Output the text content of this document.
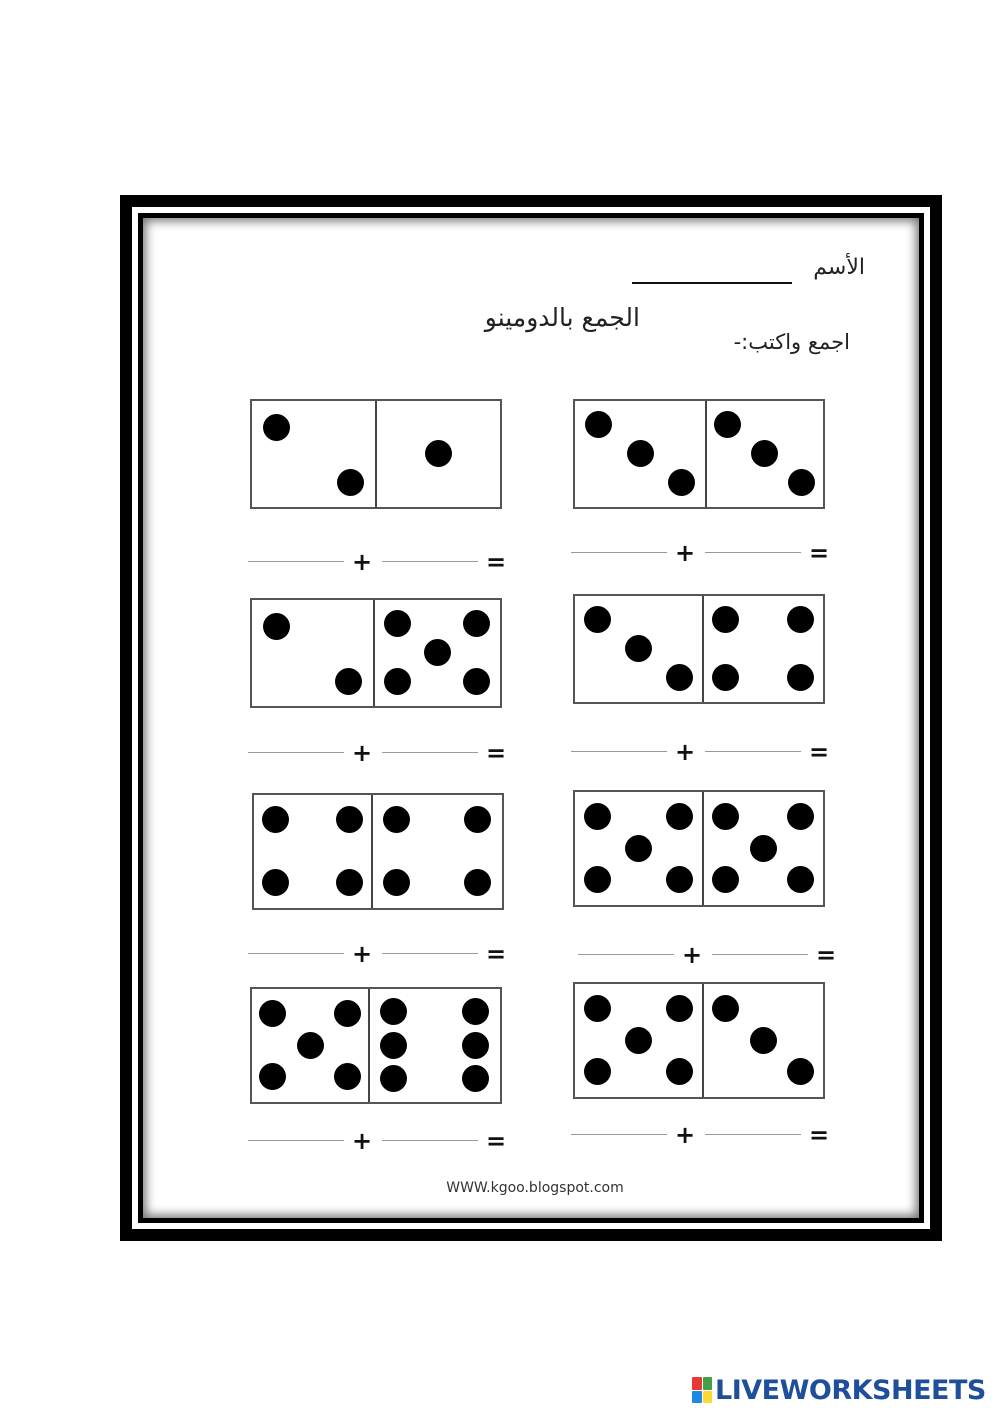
الأسم
الجمع بالدومينو
اجمع واكتب:-
+	=	+	=
+	=	+	=
+	=	+	=
+	=	+	=
WWW.kgoo.blogspot.com
LIVEWORKSHEETS
